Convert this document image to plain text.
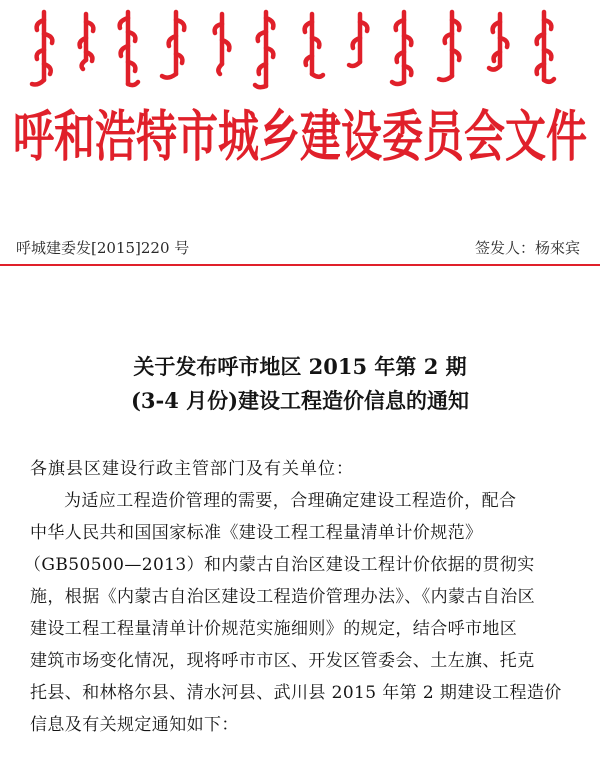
呼和浩特市城乡建设委员会文件
呼城建委发[2015]220 号	签发人：杨來宾
关于发布呼市地区 2015 年第 2 期
(3-4 月份)建设工程造价信息的通知
各旗县区建设行政主管部门及有关单位：
为适应工程造价管理的需要，合理确定建设工程造价，配合
中华人民共和国国家标准《建设工程工程量清单计价规范》
（GB50500—2013）和内蒙古自治区建设工程计价依据的贯彻实
施，根据《内蒙古自治区建设工程造价管理办法》、《内蒙古自治区
建设工程工程量清单计价规范实施细则》的规定，结合呼市地区
建筑市场变化情况，现将呼市市区、开发区管委会、土左旗、托克
托县、和林格尔县、清水河县、武川县 2015 年第 2 期建设工程造价
信息及有关规定通知如下：
